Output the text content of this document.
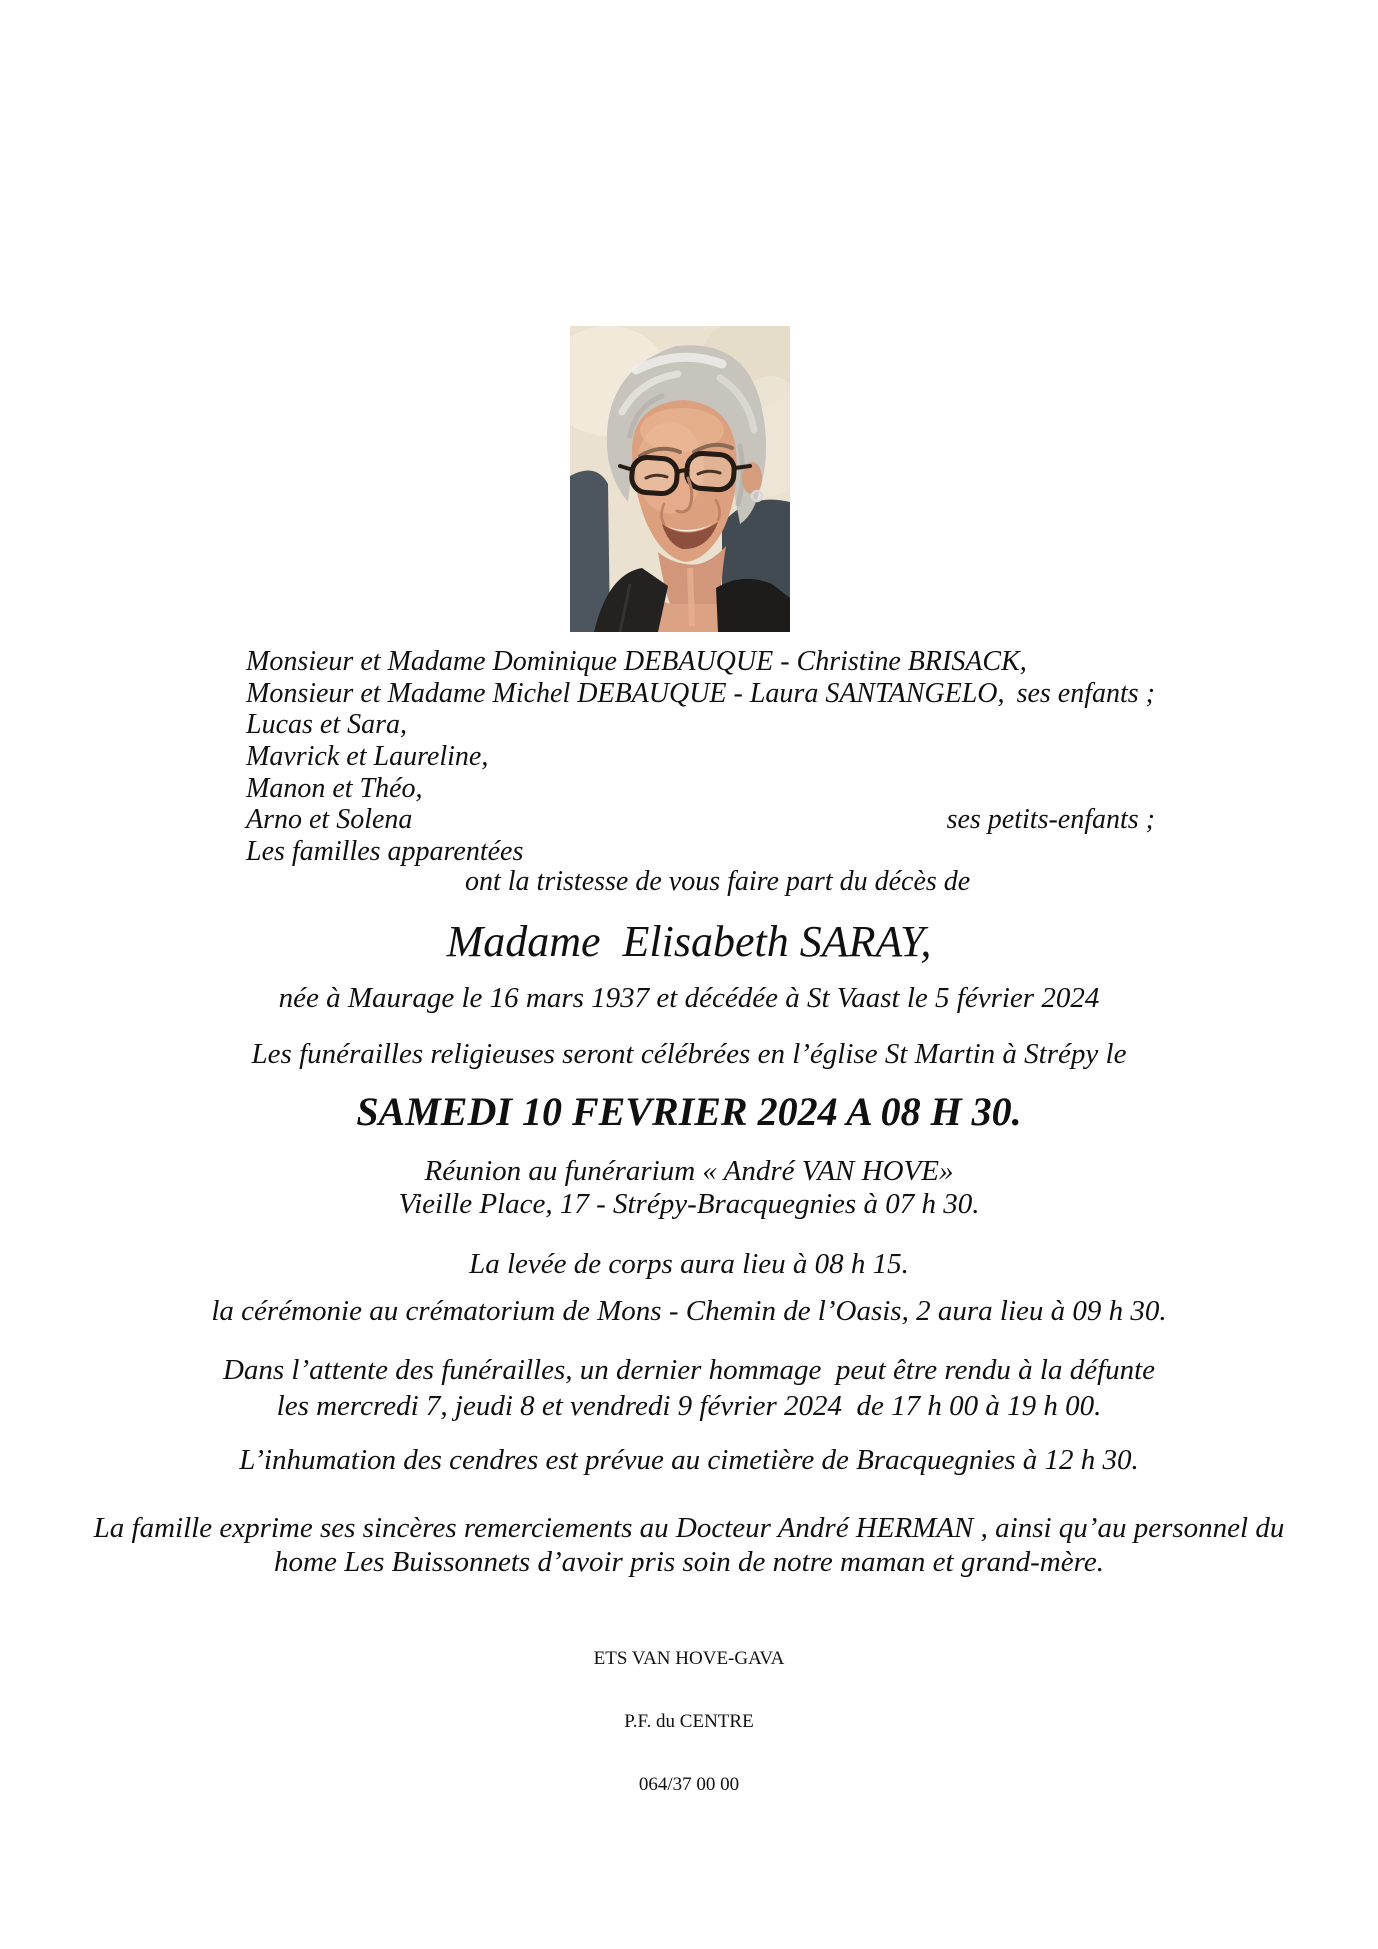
Monsieur et Madame Dominique DEBAUQUE - Christine BRISACK,
Monsieur et Madame Michel DEBAUQUE - Laura SANTANGELO, ses enfants ;
Lucas et Sara,
Mavrick et Laureline,
Manon et Théo,
Arno et Solena	ses petits-enfants ;
Les familles apparentées
ont la tristesse de vous faire part du décès de
Madame  Elisabeth SARAY,
née à Maurage le 16 mars 1937 et décédée à St Vaast le 5 février 2024
Les funérailles religieuses seront célébrées en l’église St Martin à Strépy le
SAMEDI 10 FEVRIER 2024 A 08 H 30.
Réunion au funérarium « André VAN HOVE»
Vieille Place, 17 - Strépy-Bracquegnies à 07 h 30.
La levée de corps aura lieu à 08 h 15.
la cérémonie au crématorium de Mons - Chemin de l’Oasis, 2 aura lieu à 09 h 30.
Dans l’attente des funérailles, un dernier hommage  peut être rendu à la défunte
les mercredi 7, jeudi 8 et vendredi 9 février 2024  de 17 h 00 à 19 h 00.
L’inhumation des cendres est prévue au cimetière de Bracquegnies à 12 h 30.
La famille exprime ses sincères remerciements au Docteur André HERMAN , ainsi qu’au personnel du
home Les Buissonnets d’avoir pris soin de notre maman et grand-mère.

ETS VAN HOVE-GAVA

P.F. du CENTRE

064/37 00 00
